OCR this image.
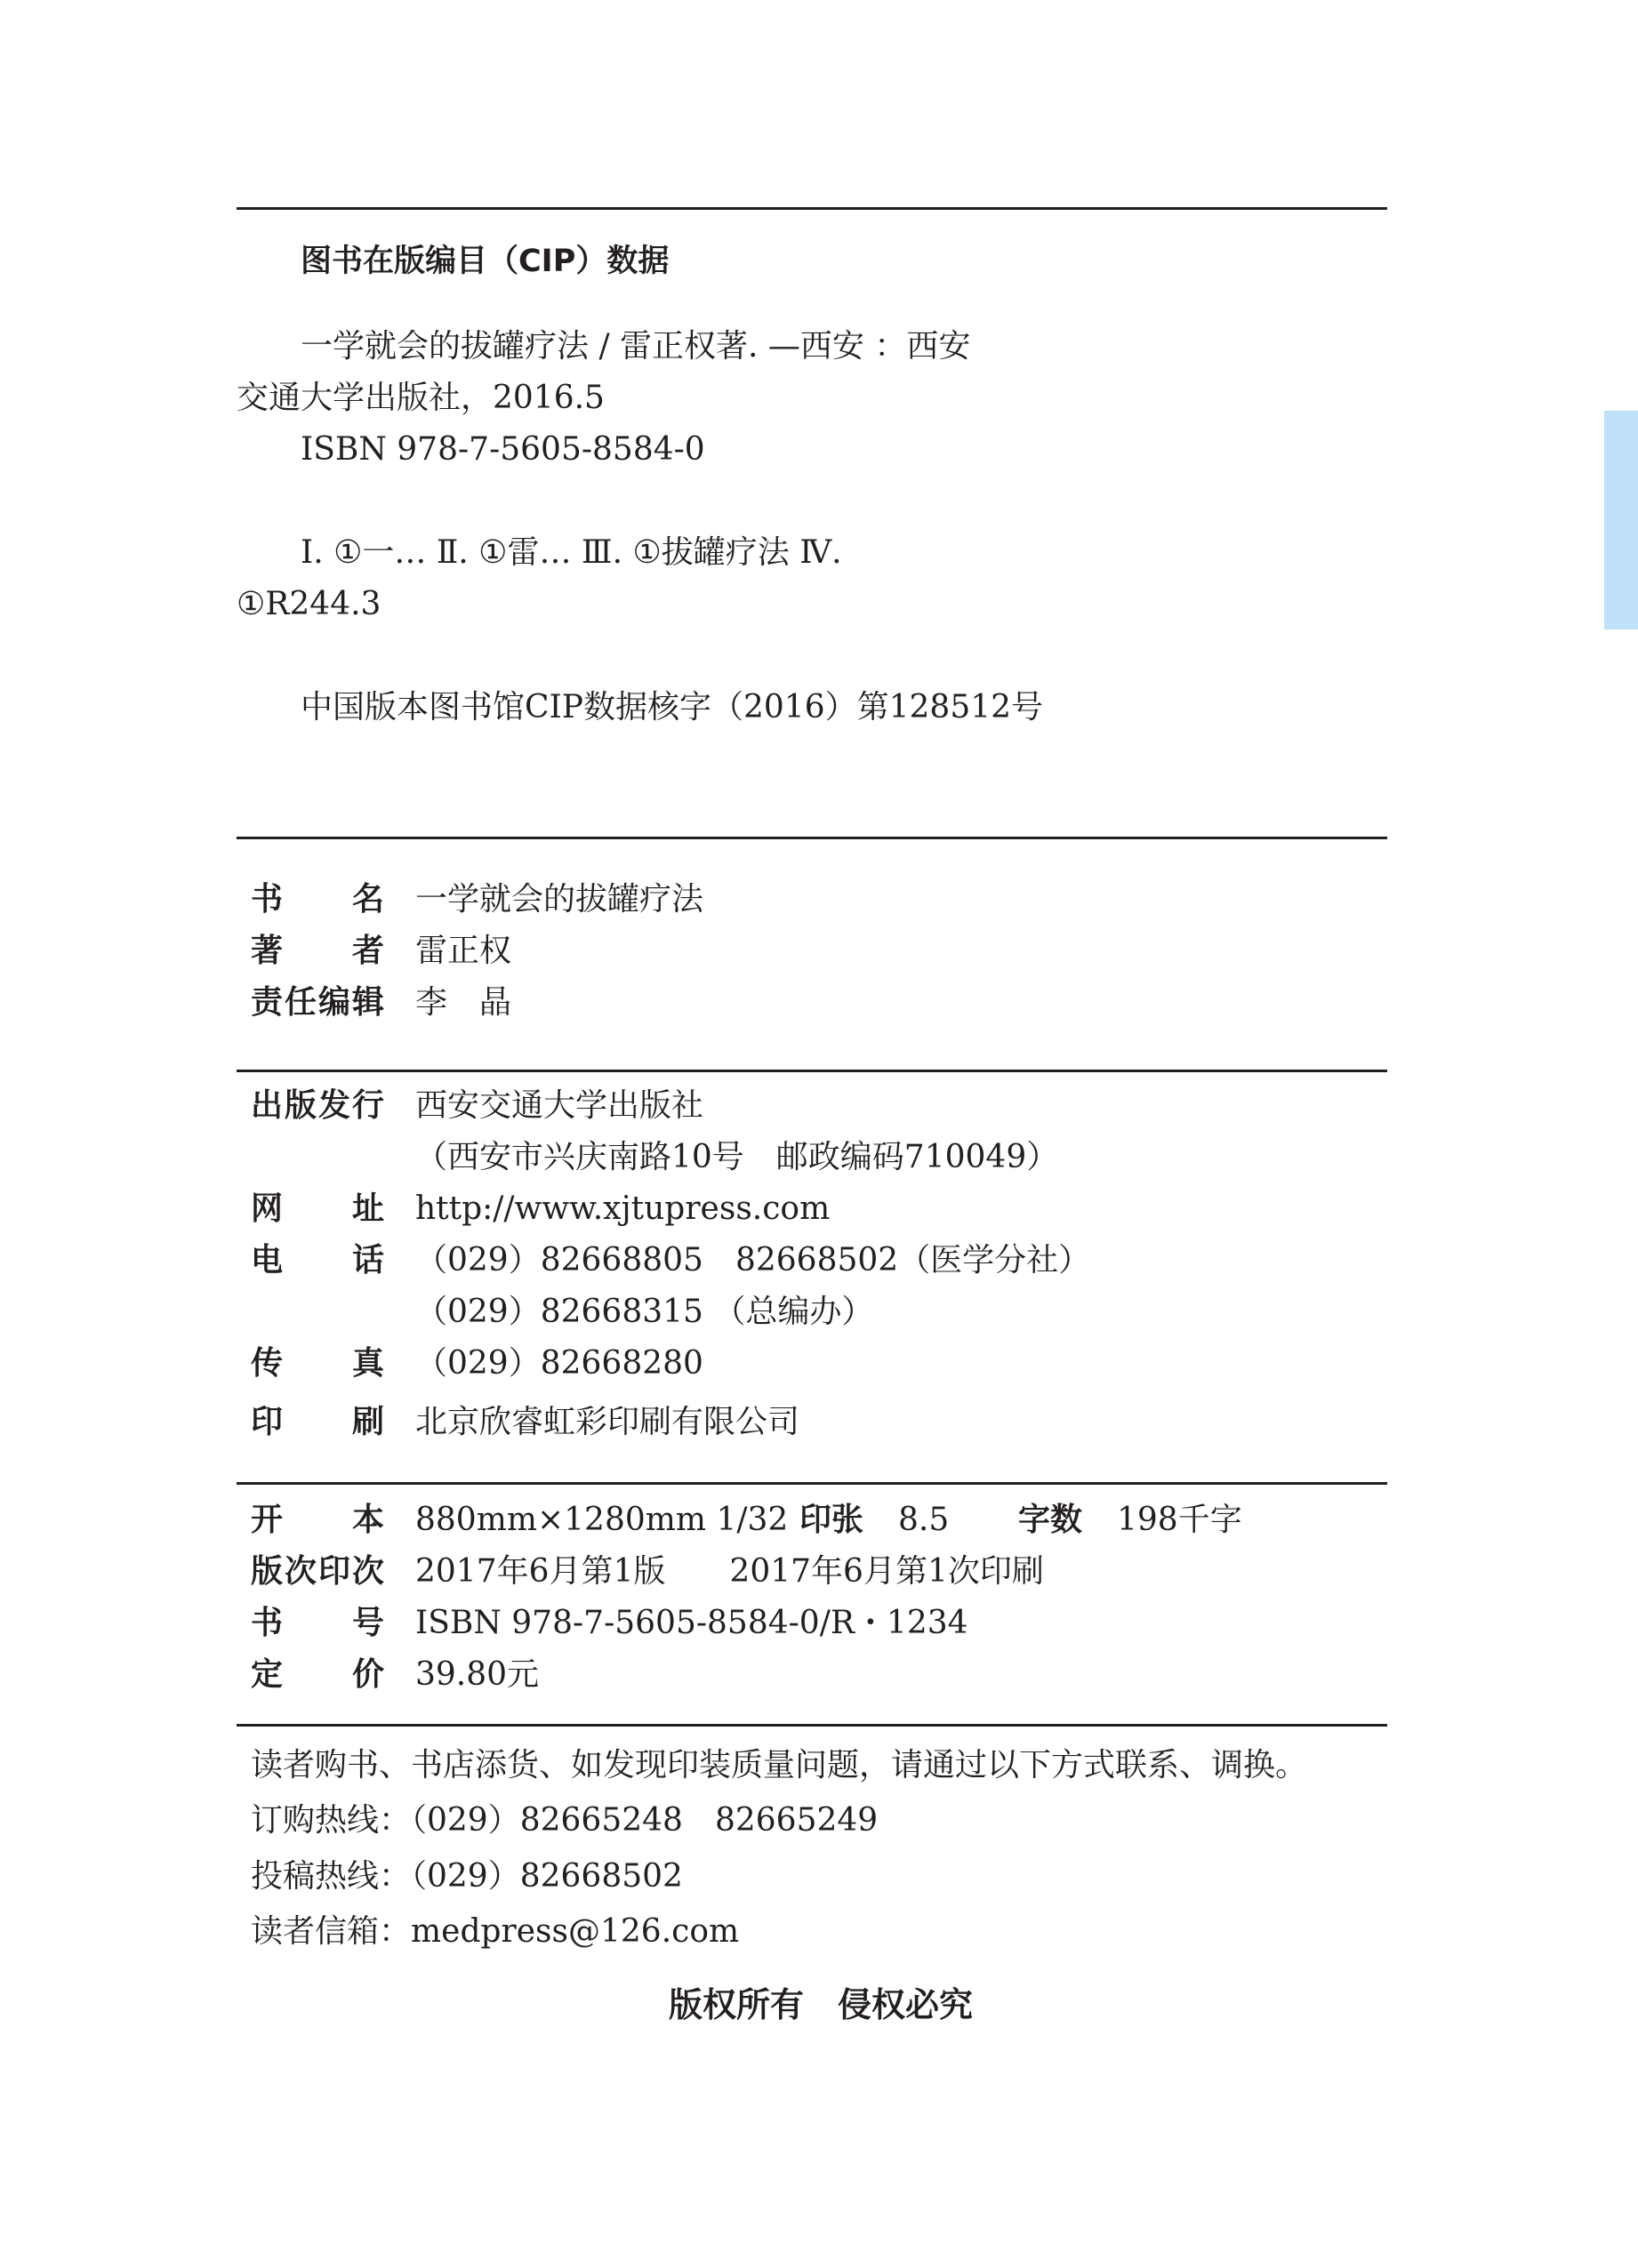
图书在版编目（CIP）数据
一学就会的拔罐疗法 / 雷正权著. —西安 ：西安
交通大学出版社，2016.5
ISBN 978-7-5605-8584-0
Ⅰ. ①一… Ⅱ. ①雷… Ⅲ. ①拔罐疗法 Ⅳ.
①R244.3
中国版本图书馆CIP数据核字（2016）第128512号
书　名 一学就会的拔罐疗法
著　者 雷正权
责任编辑 李　晶
出版发行 西安交通大学出版社
（西安市兴庆南路10号　邮政编码710049）
网　址 http://www.xjtupress.com
电　话 （029）82668805　82668502（医学分社）
（029）82668315 （总编办）
传　真 （029）82668280
印　刷 北京欣睿虹彩印刷有限公司
开　本 880mm×1280mm 1/32 印张 8.5 字数 198千字
版次印次 2017年6月第1版　　2017年6月第1次印刷
书　号 ISBN 978-7-5605-8584-0/R・1234
定　价 39.80元
读者购书、书店添货、如发现印装质量问题，请通过以下方式联系、调换。
订购热线：（029）82665248　82665249
投稿热线：（029）82668502
读者信箱：medpress@126.com
版权所有　侵权必究
